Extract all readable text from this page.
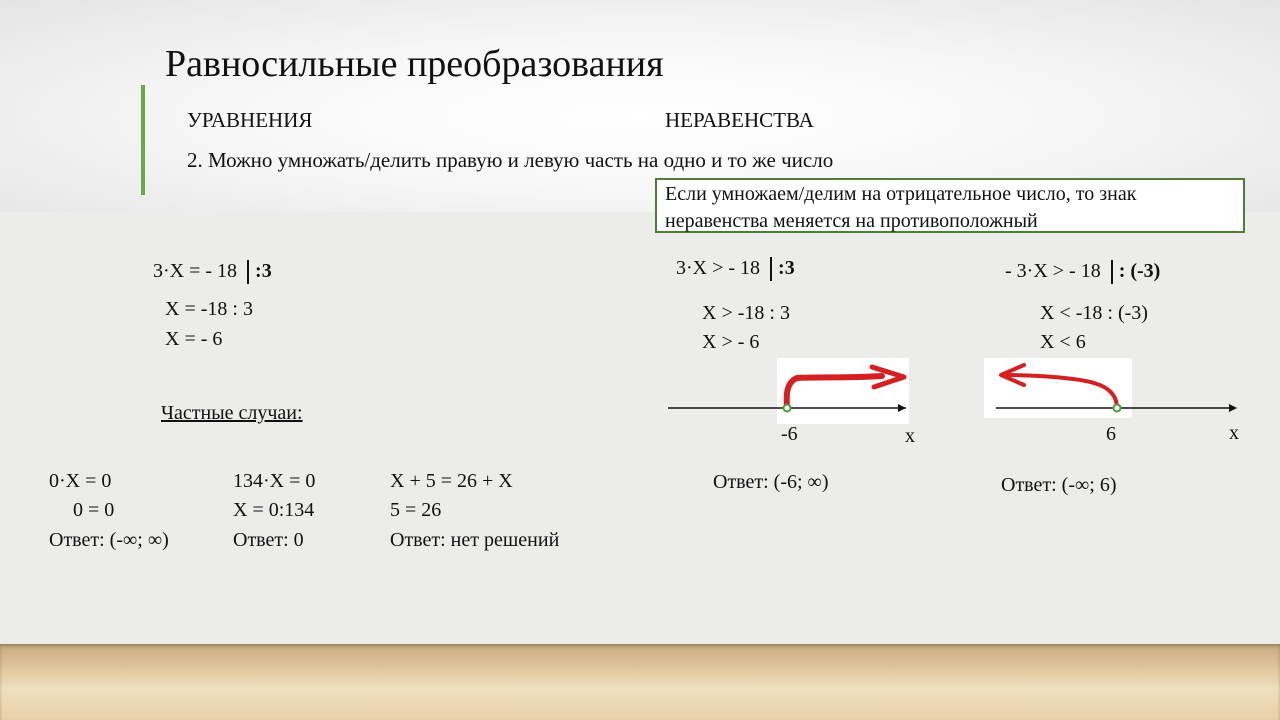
Равносильные преобразования
УРАВНЕНИЯ	НЕРАВЕНСТВА
2. Можно умножать/делить правую и левую часть на одно и то же число
Если умножаем/делим на отрицательное число, то знак
неравенства меняется на противоположный
3·Х = - 18 :3
Х = -18 : 3
Х = - 6
3·Х > - 18 :3
Х > -18 : 3
Х > - 6
- 3·Х > - 18 : (-3)
Х < -18 : (-3)
Х < 6
-6	х
Ответ: (-6; ∞)
6	х
Ответ: (-∞; 6)
Частные случаи:
0·Х = 0
0 = 0
Ответ: (-∞; ∞)
134·Х = 0
Х = 0:134
Ответ: 0
Х + 5 = 26 + Х
5 = 26
Ответ: нет решений
